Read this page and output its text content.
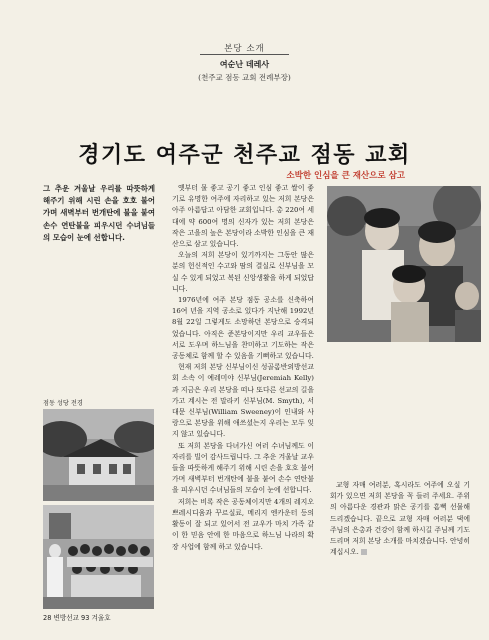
본당 소개
여순난 데레사
(천주교 점동 교회 전례부장)
경기도 여주군 천주교 점동 교회
소박한 인심을 큰 재산으로 삼고
그 추운 겨울날 우리를 따뜻하게 해주기 위해 시린 손을 호호 불어 가며 새벽부터 번개탄에 불을 붙여 손수 연탄불을 피우시던 수녀님들의 모습이 눈에 선합니다.

옛부터 물 좋고 공기 좋고 인심 좋고 쌀이 좋기로 유명한 여주에 자리하고 있는 저희 본당은 아주 아름답고 아담한 교회입니다. 총 220여 세대에 약 600여 명의 신자가 있는 저희 본당은 작은 고을의 높은 본당이라 소박한 인심을 큰 재산으로 삼고 있습니다.

오늘의 저희 본당이 있기까지는 그동안 많은 분의 헌신적인 수고와 땀의 결실로 신부님을 모실 수 있게 되었고 복된 신앙생활을 하게 되었답니다.

1976년에 여주 본당 점동 공소를 신축하여 16여 년을 지역 공소로 있다가 지난해 1992년 8월 22일 그렇게도 소망하던 본당으로 승격되었습니다. 아직은 준본당이지만 우리 교우들은 서로 도우며 하느님을 찬미하고 기도하는 작은 공동체로 함께 할 수 있음을 기뻐하고 있습니다.

현재 저희 본당 신부님이신 성골롬반외방선교회 소속 이 예레미야 신부님(Jeremiah Kelly)과 지금은 우리 본당을 떠나 또다른 선교의 길을 가고 계시는 전 말라키 신부님(M. Smyth), 서대문 신부님(William Sweeney)이 인내와 사랑으로 본당을 위해 애쓰셨는지 우리는 모두 잊지 않고 있습니다.

또 저희 본당을 다녀가신 여러 수녀님께도 이 자리를 빌어 감사드립니다. 그 추운 겨울날 교우들을 따뜻하게 해주기 위해 시린 손을 호호 불어가며 새벽부터 번개탄에 불을 붙여 손수 연탄불을 피우시던 수녀님들의 모습이 눈에 선합니다.

저희는 비록 작은 공동체이지만 4개의 레지오 쁘레시디움과 꾸르실료, 메리지 엔카운터 등의 활동이 잘 되고 있어서 전 교우가 마치 가족 같이 한 믿음 안에 한 마음으로 하느님 나라의 확장 사업에 함께 하고 있습니다.

점동 성당 전경

교형 자매 여러분, 혹시라도 여주에 오실 기회가 있으면 저희 본당을 꼭 들러 주세요. 주위의 아름다운 경관과 맑은 공기를 흠뻑 선물해 드리겠습니다. 끝으로 교형 자매 여러분 댁에 주님의 은총과 건강이 함께 하시길 주님께 기도드리며 저희 본당 소개를 마치겠습니다. 안녕히 계십시오.

28 변방선교 93 겨울호
